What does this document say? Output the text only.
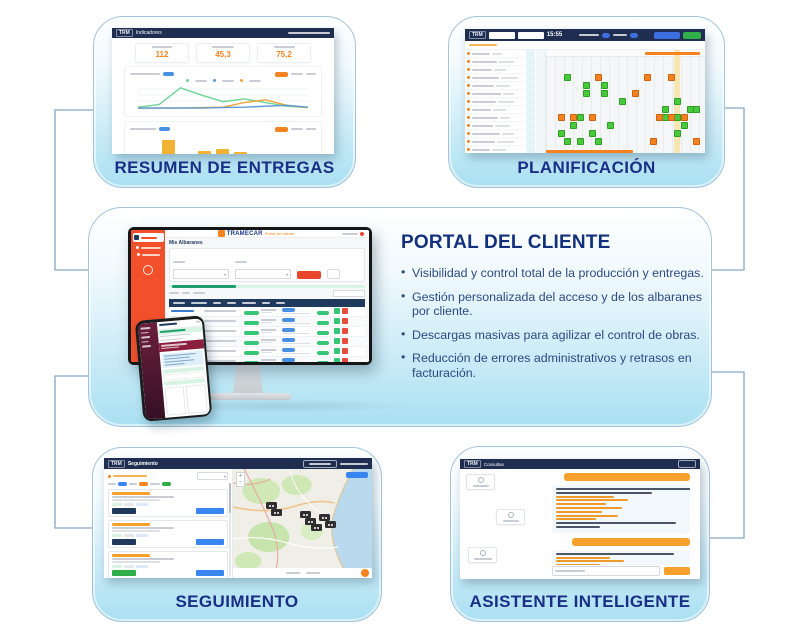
TRM	Indicadores
112	45,3	75,2
RESUMEN DE ENTREGAS
TRM	15:55
PLANIFICACIÓN
TRAMECAR Portal del cliente
Mis Albaranes
▾	▾
PORTAL DEL CLIENTE
• Visibilidad y control total de la producción y entregas.
• Gestión personalizada del acceso y de los albaranes por cliente.
• Descargas masivas para agilizar el control de obras.
• Reducción de errores administrativos y retrasos en facturación.
TRM	Seguimiento
▾	+
−
SEGUIMIENTO
TRM	Consultas
ASISTENTE INTELIGENTE
